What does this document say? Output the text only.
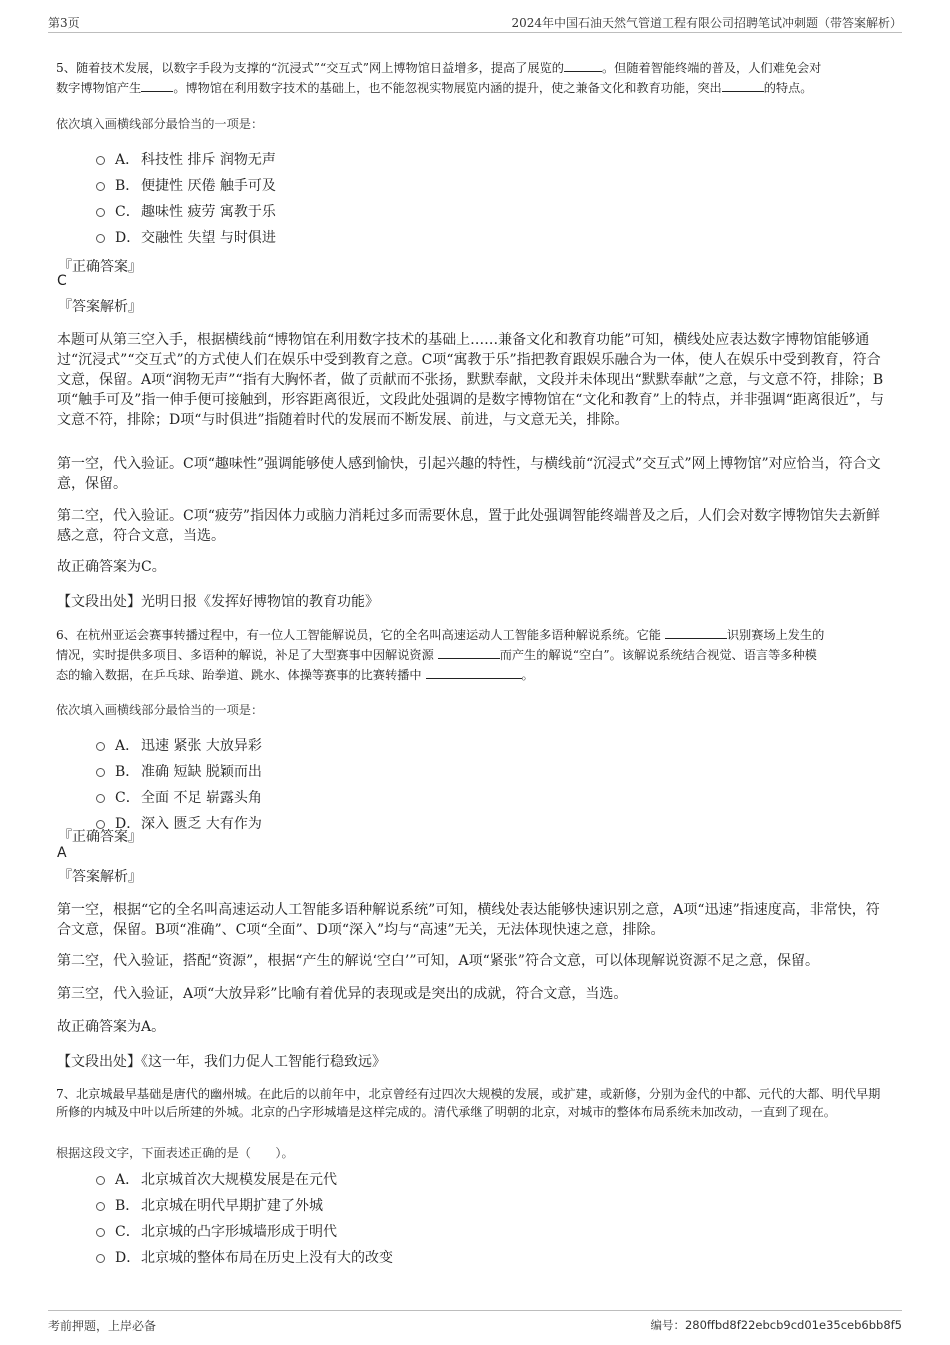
第3页	2024年中国石油天然气管道工程有限公司招聘笔试冲刺题（带答案解析）
5、随着技术发展，以数字手段为支撑的“沉浸式”“交互式”网上博物馆日益增多，提高了展览的	。但随着智能终端的普及，人们难免会对
数字博物馆产生	。博物馆在利用数字技术的基础上，也不能忽视实物展览内涵的提升，使之兼备文化和教育功能，突出	的特点。
依次填入画横线部分最恰当的一项是：
A． 科技性 排斥 润物无声
B． 便捷性 厌倦 触手可及
C． 趣味性 疲劳 寓教于乐
D． 交融性 失望 与时俱进
『正确答案』
C
『答案解析』
本题可从第三空入手，根据横线前“博物馆在利用数字技术的基础上……兼备文化和教育功能”可知，横线处应表达数字博物馆能够通过“沉浸式”“交互式”的方式使人们在娱乐中受到教育之意。C项“寓教于乐”指把教育跟娱乐融合为一体，使人在娱乐中受到教育，符合文意，保留。A项“润物无声”“指有大胸怀者，做了贡献而不张扬，默默奉献，文段并未体现出“默默奉献”之意，与文意不符，排除；B项“触手可及”指一伸手便可接触到，形容距离很近，文段此处强调的是数字博物馆在“文化和教育”上的特点，并非强调“距离很近”，与文意不符，排除；D项“与时俱进”指随着时代的发展而不断发展、前进，与文意无关，排除。
第一空，代入验证。C项“趣味性”强调能够使人感到愉快，引起兴趣的特性，与横线前“沉浸式”交互式”网上博物馆”对应恰当，符合文意，保留。
第二空，代入验证。C项“疲劳”指因体力或脑力消耗过多而需要休息，置于此处强调智能终端普及之后，人们会对数字博物馆失去新鲜感之意，符合文意，当选。
故正确答案为C。
【文段出处】光明日报《发挥好博物馆的教育功能》
6、在杭州亚运会赛事转播过程中，有一位人工智能解说员，它的全名叫高速运动人工智能多语种解说系统。它能	识别赛场上发生的
情况，实时提供多项目、多语种的解说，补足了大型赛事中因解说资源	而产生的解说“空白”。该解说系统结合视觉、语言等多种模
态的输入数据，在乒乓球、跆拳道、跳水、体操等赛事的比赛转播中	。
依次填入画横线部分最恰当的一项是：
A． 迅速 紧张 大放异彩
B． 准确 短缺 脱颖而出
C． 全面 不足 崭露头角
D． 深入 匮乏 大有作为
『正确答案』
A
『答案解析』
第一空，根据“它的全名叫高速运动人工智能多语种解说系统”可知，横线处表达能够快速识别之意，A项“迅速”指速度高，非常快，符合文意，保留。B项“准确”、C项“全面”、D项“深入”均与“高速”无关，无法体现快速之意，排除。
第二空，代入验证，搭配“资源”，根据“产生的解说‘空白’”可知，A项“紧张”符合文意，可以体现解说资源不足之意，保留。
第三空，代入验证，A项“大放异彩”比喻有着优异的表现或是突出的成就，符合文意，当选。
故正确答案为A。
【文段出处】《这一年，我们力促人工智能行稳致远》
7、北京城最早基础是唐代的幽州城。在此后的以前年中，北京曾经有过四次大规模的发展，或扩建，或新修，分别为金代的中都、元代的大都、明代早期所修的内城及中叶以后所建的外城。北京的凸字形城墙是这样完成的。清代承继了明朝的北京，对城市的整体布局系统未加改动，一直到了现在。
根据这段文字，下面表述正确的是（　　）。
A． 北京城首次大规模发展是在元代
B． 北京城在明代早期扩建了外城
C． 北京城的凸字形城墙形成于明代
D． 北京城的整体布局在历史上没有大的改变
考前押题，上岸必备	编号：280ffbd8f22ebcb9cd01e35ceb6bb8f5
